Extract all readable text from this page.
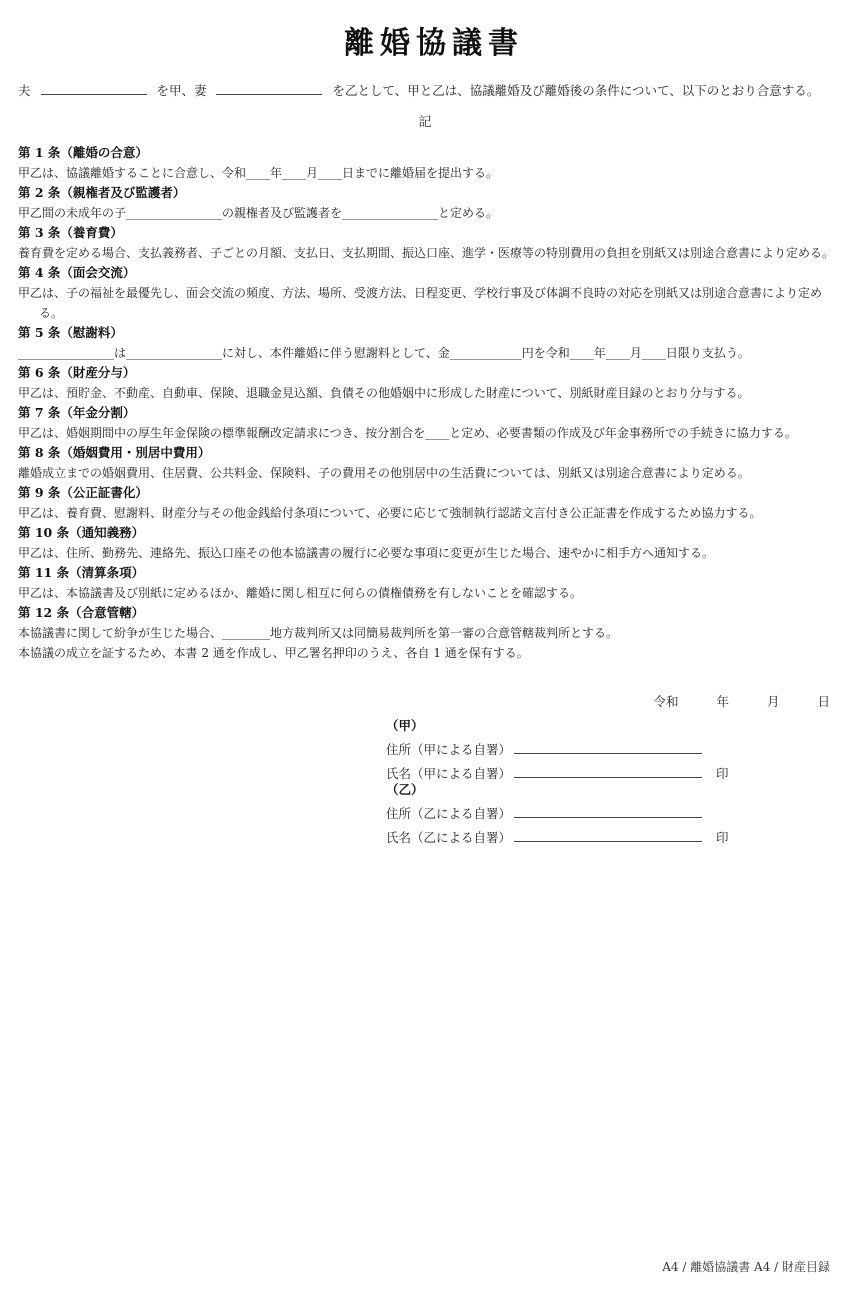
離婚協議書
夫	を甲、妻	を乙として、甲と乙は、協議離婚及び離婚後の条件について、以下のとおり合意する。
記

第 1 条（離婚の合意）

甲乙は、協議離婚することに合意し、令和____年____月____日までに離婚届を提出する。

第 2 条（親権者及び監護者）

甲乙間の未成年の子________________の親権者及び監護者を________________と定める。

第 3 条（養育費）

養育費を定める場合、支払義務者、子ごとの月額、支払日、支払期間、振込口座、進学・医療等の特別費用の負担を別紙又は別途合意書により定める。

第 4 条（面会交流）

甲乙は、子の福祉を最優先し、面会交流の頻度、方法、場所、受渡方法、日程変更、学校行事及び体調不良時の対応を別紙又は別途合意書により定める。

第 5 条（慰謝料）

________________は________________に対し、本件離婚に伴う慰謝料として、金____________円を令和____年____月____日限り支払う。

第 6 条（財産分与）

甲乙は、預貯金、不動産、自動車、保険、退職金見込額、負債その他婚姻中に形成した財産について、別紙財産目録のとおり分与する。

第 7 条（年金分割）

甲乙は、婚姻期間中の厚生年金保険の標準報酬改定請求につき、按分割合を____と定め、必要書類の作成及び年金事務所での手続きに協力する。

第 8 条（婚姻費用・別居中費用）

離婚成立までの婚姻費用、住居費、公共料金、保険料、子の費用その他別居中の生活費については、別紙又は別途合意書により定める。

第 9 条（公正証書化）

甲乙は、養育費、慰謝料、財産分与その他金銭給付条項について、必要に応じて強制執行認諾文言付き公正証書を作成するため協力する。

第 10 条（通知義務）

甲乙は、住所、勤務先、連絡先、振込口座その他本協議書の履行に必要な事項に変更が生じた場合、速やかに相手方へ通知する。

第 11 条（清算条項）

甲乙は、本協議書及び別紙に定めるほか、離婚に関し相互に何らの債権債務を有しないことを確認する。

第 12 条（合意管轄）

本協議書に関して紛争が生じた場合、________地方裁判所又は同簡易裁判所を第一審の合意管轄裁判所とする。

本協議の成立を証するため、本書 2 通を作成し、甲乙署名押印のうえ、各自 1 通を保有する。

令和	年	月	日
（甲）
住所（甲による自署）
氏名（甲による自署）	印
（乙）
住所（乙による自署）
氏名（乙による自署）	印
A4 / 離婚協議書 A4 / 財産目録
